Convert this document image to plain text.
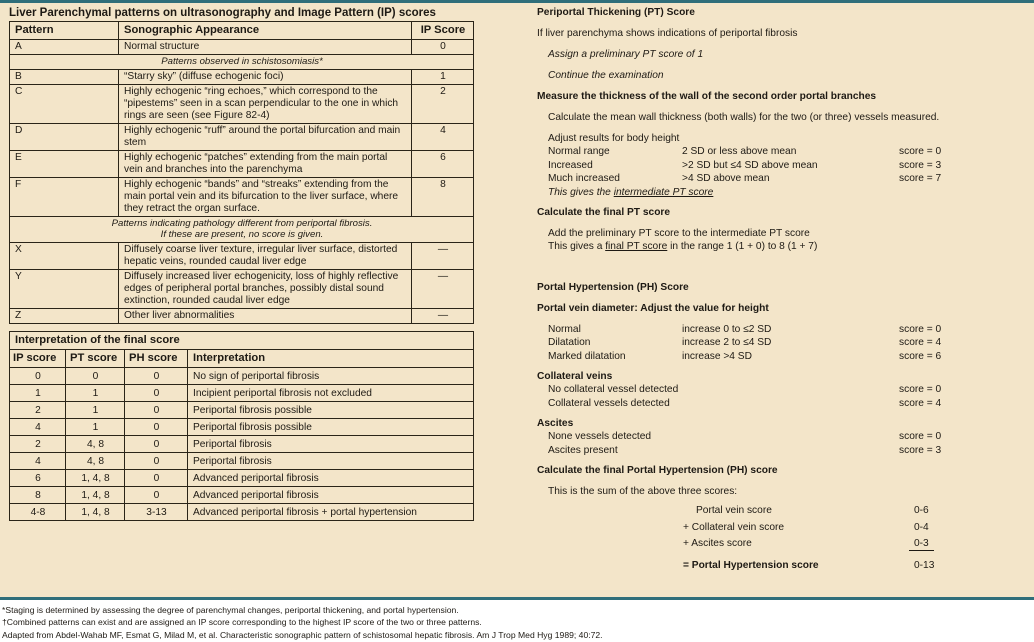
Liver Parenchymal patterns on ultrasonography and Image Pattern (IP) scores
Pattern	Sonographic Appearance	IP Score
A	Normal structure	0
Patterns observed in schistosomiasis*		
B	“Starry sky” (diffuse echogenic foci)	1
C	Highly echogenic “ring echoes,” which correspond to the “pipestems” seen in a scan perpendicular to the one in which rings are seen (see Figure 82-4)	2
D	Highly echogenic “ruff” around the portal bifurcation and main stem	4
E	Highly echogenic “patches” extending from the main portal vein and branches into the parenchyma	6
F	Highly echogenic “bands” and “streaks” extending from the main portal vein and its bifurcation to the liver surface, where they retract the organ surface.	8

Patterns indicating pathology different from periportal fibrosis.
If these are present, no score is given.		

X	Diffusely coarse liver texture, irregular liver surface, distorted hepatic veins, rounded caudal liver edge	—
Y	Diffusely increased liver echogenicity, loss of highly reflective edges of peripheral portal branches, possibly distal sound extinction, rounded caudal liver edge	—
Z	Other liver abnormalities	—
Interpretation of the final score			
IP score	PT score	PH score	Interpretation
0	0	0	No sign of periportal fibrosis
1	1	0	Incipient periportal fibrosis not excluded
2	1	0	Periportal fibrosis possible
4	1	0	Periportal fibrosis possible
2	4, 8	0	Periportal fibrosis
4	4, 8	0	Periportal fibrosis
6	1, 4, 8	0	Advanced periportal fibrosis
8	1, 4, 8	0	Advanced periportal fibrosis
4-8	1, 4, 8	3-13	Advanced periportal fibrosis + portal hypertension
Periportal Thickening (PT) Score
If liver parenchyma shows indications of periportal fibrosis
Assign a preliminary PT score of 1
Continue the examination
Measure the thickness of the wall of the second order portal branches
Calculate the mean wall thickness (both walls) for the two (or three) vessels measured.
Adjust results for body height
Normal range	2 SD or less above mean	score = 0
Increased	>2 SD but ≤4 SD above mean	score = 3
Much increased	>4 SD above mean	score = 7
This gives the intermediate PT score
Calculate the final PT score
Add the preliminary PT score to the intermediate PT score
This gives a final PT score in the range 1 (1 + 0) to 8 (1 + 7)
Portal Hypertension (PH) Score
Portal vein diameter: Adjust the value for height
Normal	increase 0 to ≤2 SD	score = 0
Dilatation	increase 2 to ≤4 SD	score = 4
Marked dilatation	increase >4 SD	score = 6
Collateral veins
No collateral vessel detected	score = 0
Collateral vessels detected	score = 4
Ascites
None vessels detected	score = 0
Ascites present	score = 3
Calculate the final Portal Hypertension (PH) score
This is the sum of the above three scores:
Portal vein score	0-6
+ Collateral vein score	0-4
+ Ascites score	0-3
= Portal Hypertension score	0-13
*Staging is determined by assessing the degree of parenchymal changes, periportal thickening, and portal hypertension.
†Combined patterns can exist and are assigned an IP score corresponding to the highest IP score of the two or three patterns.
Adapted from Abdel-Wahab MF, Esmat G, Milad M, et al. Characteristic sonographic pattern of schistosomal hepatic fibrosis. Am J Trop Med Hyg 1989; 40:72.
